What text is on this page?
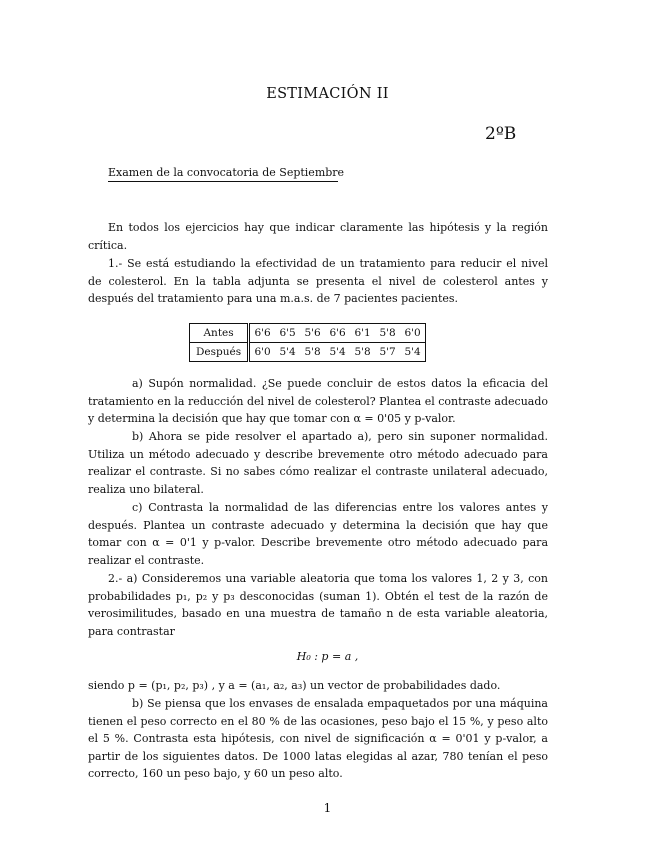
ESTIMACIÓN II
2ºB
Examen de la convocatoria de Septiembre
En todos los ejercicios hay que indicar claramente las hipótesis y la región crítica.
1.- Se está estudiando la efectividad de un tratamiento para reducir el nivel de colesterol. En la tabla adjunta se presenta el nivel de colesterol antes y después del tratamiento para una m.a.s. de 7 pacientes pacientes.
Antes	6'6	6'5	5'6	6'6	6'1	5'8	6'0
Después	6'0	5'4	5'8	5'4	5'8	5'7	5'4
a) Supón normalidad. ¿Se puede concluir de estos datos la eficacia del tratamiento en la reducción del nivel de colesterol? Plantea el contraste adecuado y determina la decisión que hay que tomar con α = 0'05 y p-valor.
b) Ahora se pide resolver el apartado a), pero sin suponer normalidad. Utiliza un método adecuado y describe brevemente otro método adecuado para realizar el contraste. Si no sabes cómo realizar el contraste unilateral adecuado, realiza uno bilateral.
c) Contrasta la normalidad de las diferencias entre los valores antes y después. Plantea un contraste adecuado y determina la decisión que hay que tomar con α = 0'1 y p-valor. Describe brevemente otro método adecuado para realizar el contraste.
2.- a) Consideremos una variable aleatoria que toma los valores 1, 2 y 3, con probabilidades p₁, p₂ y p₃ desconocidas (suman 1). Obtén el test de la razón de verosimilitudes, basado en una muestra de tamaño n de esta variable aleatoria, para contrastar
H₀ : p = a ,
siendo p = (p₁, p₂, p₃) , y a = (a₁, a₂, a₃) un vector de probabilidades dado.
b) Se piensa que los envases de ensalada empaquetados por una máquina tienen el peso correcto en el 80 % de las ocasiones, peso bajo el 15 %, y peso alto el 5 %. Contrasta esta hipótesis, con nivel de significación α = 0'01 y p-valor, a partir de los siguientes datos. De 1000 latas elegidas al azar, 780 tenían el peso correcto, 160 un peso bajo, y 60 un peso alto.
1
